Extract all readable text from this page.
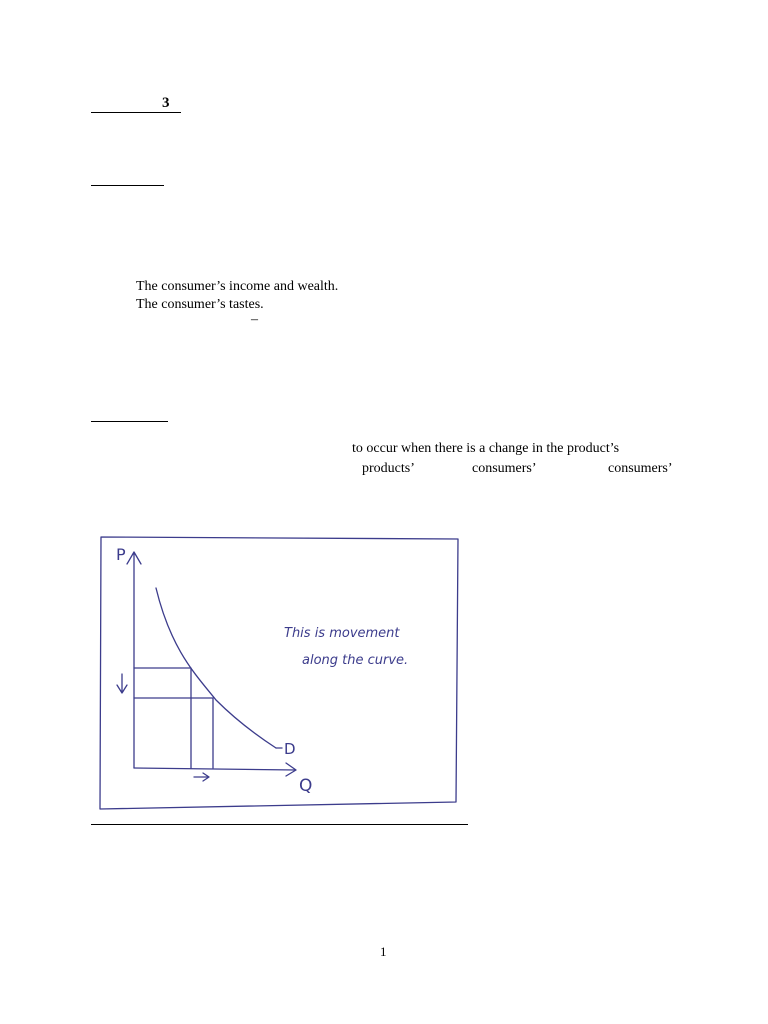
3
The consumer’s income and wealth.
The consumer’s tastes.
–
to occur when there is a change in the product’s
products’	consumers’	consumers’
P
Q
D
This is movement
along the curve.
1
